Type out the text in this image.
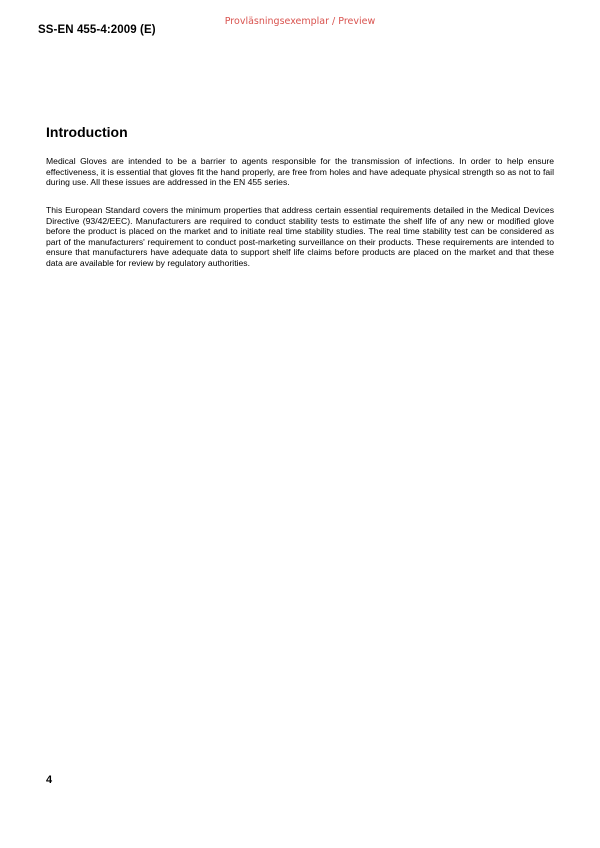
SS-EN 455-4:2009 (E)
Provläsningsexemplar / Preview
Introduction

Medical Gloves are intended to be a barrier to agents responsible for the transmission of infections. In order to help ensure effectiveness, it is essential that gloves fit the hand properly, are free from holes and have adequate physical strength so as not to fail during use. All these issues are addressed in the EN 455 series.

This European Standard covers the minimum properties that address certain essential requirements detailed in the Medical Devices Directive (93/42/EEC). Manufacturers are required to conduct stability tests to estimate the shelf life of any new or modified glove before the product is placed on the market and to initiate real time stability studies. The real time stability test can be considered as part of the manufacturers' requirement to conduct post-marketing surveillance on their products. These requirements are intended to ensure that manufacturers have adequate data to support shelf life claims before products are placed on the market and that these data are available for review by regulatory authorities.

4
